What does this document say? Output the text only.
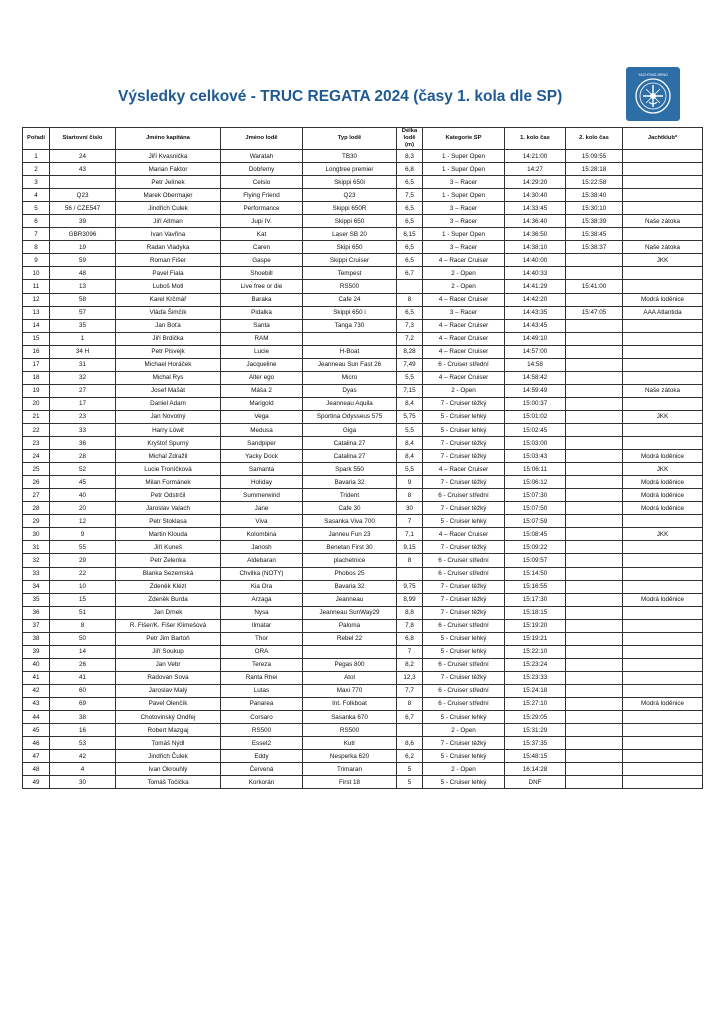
Výsledky celkové - TRUC REGATA 2024 (časy 1. kola dle SP)
YACHTING BRNO
Pořadí	Startovní číslo	Jméno kapitána	Jméno lodě	Typ lodě	Délka lodě (m)	Kategorie SP	1. kolo čas	2. kolo čas	Jachtklub*
1	24	Jiří Kvasnička	Waratah	TB30	8,3	1 - Super Open	14:21:00	15:09:55	
2	43	Marian Faktor	Dobřemy	Longtree premier	6,8	1 - Super Open	14:27	15:28:18	
3		Petr Jelínek	Celsio	Skippi 650i	6,5	3 – Racer	14:29:20	15:22:58	
4	Q23	Marek Obermajer	Flying Friend	Q23	7,5	1 - Super Open	14:30:40	15:38:40	
5	56 / CZE547	Jindřich Culek	Performance	Skippi 650R	6,5	3 – Racer	14:33:45	15:30:10	
6	39	Jiří Altman	Jupi IV.	Skippi 650	6,5	3 – Racer	14:36:40	15:38:39	Naše zátoka
7	GBR3096	Ivan Vavřina	Kat	Laser SB 20	6,15	1 - Super Open	14:36:50	15:38:45	
8	19	Radan Vladyka	Caren	Skipi 650	6,5	3 – Racer	14:38:10	15:38:37	Naše zátoka
9	59	Roman Fišer	Gaspe	Skippi Cruiser	6,5	4 – Racer Cruiser	14:40:00		JKK
10	48	Pavel Fiala	Shoebill	Tempest	6,7	2 - Open	14:40:33		
11	13	Luboš Motl	Live free or die	RS500		2 - Open	14:41:29	15:41:00	
12	58	Karel Krčmář	Baraka	Cafe 24	8	4 – Racer Cruiser	14:42:20		Modrá loděnice
13	57	Vláďa Šimčík	Pidalka	Skippi 650 i	6,5	3 – Racer	14:43:35	15:47:05	AAA Atlantida
14	35	Jan Boťa	Santa	Tanga 730	7,3	4 – Racer Cruiser	14:43:45		
15	1	Jiří Brdička	RAM		7,2	4 – Racer Cruiser	14:49:10		
16	34 H	Petr Pisvejk	Lucie	H-Boat	8,28	4 – Racer Cruiser	14:57:00		
17	31	Michael Horáček	Jacqueline	Jeanneau Sun Fast 26	7,49	6 - Cruiser střední	14:58		
18	32	Michal Rys	Alter ego	Micro	5,5	4 – Racer Cruiser	14:58:42		
19	27	Josef Mašát	Máša 2	Dyas	7,15	2 - Open	14:59:49		Naše zátoka
20	17	Daniel Adam	Marigold	Jeanneau Aquila	8,4	7 - Cruiser těžký	15:00:37		
21	23	Jan Novotný	Vega	Sportina Odysseus 575	5,75	5 - Cruiser lehký	15:01:02		JKK
22	33	Harry Löwit	Medusa	Giga	5,5	5 - Cruiser lehký	15:02:45		
23	36	Kryštof Spurný	Sandpiper	Catalina 27	8,4	7 - Cruiser těžký	15:03:00		
24	28	Michal Zdražil	Yacky Dock	Catalina 27	8,4	7 - Cruiser těžký	15:03:43		Modrá loděnice
25	52	Lucie Troníčková	Samanta	Spark 550	5,5	4 – Racer Cruiser	15:06:11		JKK
26	45	Milan Formánek	Holiday	Bavaria 32	9	7 - Cruiser těžký	15:06:12		Modrá loděnice
27	40	Petr Odstrčil	Summerwind	Trident	8	6 - Cruiser střední	15:07:30		Modrá loděnice
28	20	Jaroslav Valach	Jane	Cafe 30	30	7 - Cruiser těžký	15:07:50		Modrá loděnice
29	12	Petr Stoklasa	Viva	Sasanka Viva 700	7	5 - Cruiser lehký	15:07:59		
30	9	Martin Klouda	Kolombina	Janneu Fun 23	7,1	4 – Racer Cruiser	15:08:45		JKK
31	55	Jiří Kuneš	Janosh	Benetan First 30	9,15	7 - Cruiser těžký	15:09:22		
32	29	Petr Zelenka	Aldebaran	plachetnice	8	6 - Cruiser střední	15:09:57		
33	22	Blanka Sezemská	Chvilka (NOTY)	Phobos 25		6 - Cruiser střední	15:14:50		
34	10	Zdeněk Klézl	Kia Ora	Bavaria 32	9,75	7 - Cruiser těžký	15:16:55		
35	15	Zdeněk Burda	Arzaga	Jeanneau	8,99	7 - Cruiser těžký	15:17:30		Modrá loděnice
36	51	Jan Drnek	Nysa	Jeanneau SunWay29	8,8	7 - Cruiser těžký	15:18:15		
37	8	R. Fišer/K. Fišer Klimešová	Ilmatar	Paloma	7,8	6 - Cruiser střední	15:19:20		
38	50	Petr Jim Bartoň	Thor	Rebel 22	6,8	5 - Cruiser lehký	15:19:21		
39	14	Jiří Soukup	ORA		7	5 - Cruiser lehký	15:22:10		
40	26	Jan Vebr	Tereza	Pegas 800	8,2	6 - Cruiser střední	15:23:24		
41	41	Radovan Sova	Ranta Rhei	Atol	12,3	7 - Cruiser těžký	15:23:33		
42	60	Jaroslav Malý	Lutas	Maxi 770	7,7	6 - Cruiser střední	15:24:18		
43	69	Pavel Olenčík	Panarea	Int. Folkboat	8	6 - Cruiser střední	15:27:10		Modrá loděnice
44	38	Chotovinský Ondřej	Corsaro	Sasanka 670	6,7	5 - Cruiser lehký	15:29:05		
45	16	Robert Mazgaj	RS500	RS500		2 - Open	15:31:29		
46	53	Tomáš Nýdl	Esset2	Kutr	8,6	7 - Cruiser těžký	15:37:35		
47	42	Jindřich Čulek	Eddy	Nesperka 620	6,2	5 - Cruiser lehký	15:48:15		
48	4	Ivan Okrouhlý	Červená	Trimaran	5	2 - Open	16:14:28		
49	30	Tomáš Točička	Korkorán	First 18	5	5 - Cruiser lehký	DNF		
